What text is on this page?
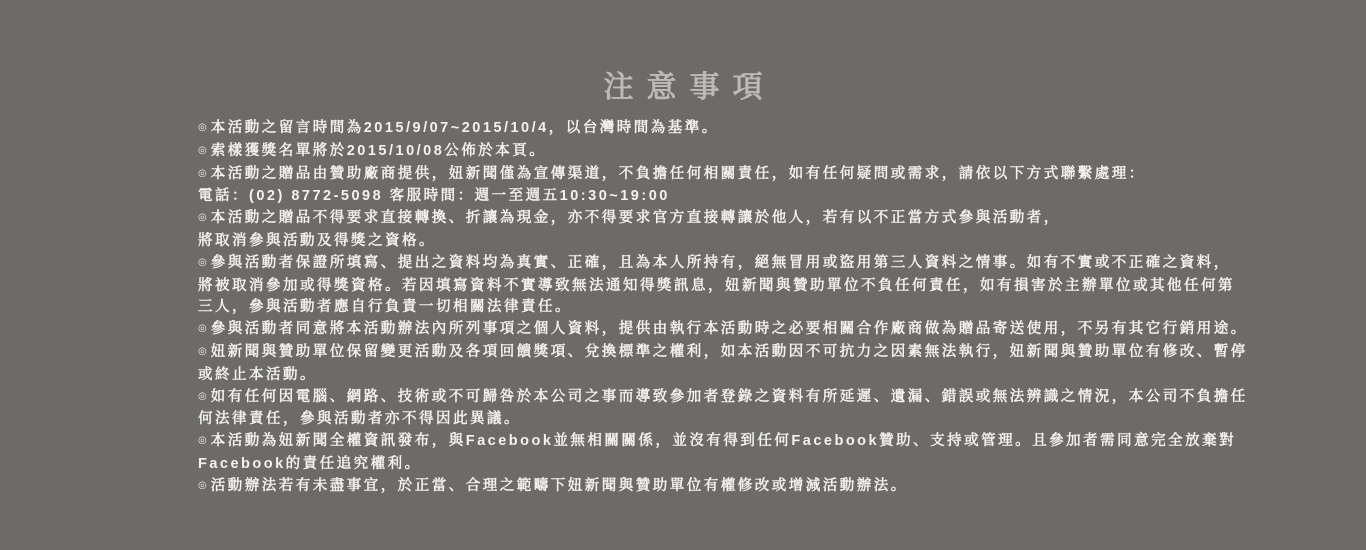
注意事項
◎ 本活動之留言時間為2015/9/07~2015/10/4，以台灣時間為基準。
◎ 索樣獲獎名單將於2015/10/08公佈於本頁。
◎ 本活動之贈品由贊助廠商提供，妞新聞僅為宣傳渠道，不負擔任何相關責任，如有任何疑問或需求，請依以下方式聯繫處理：
電話：(02) 8772-5098 客服時間：週一至週五10:30~19:00
◎ 本活動之贈品不得要求直接轉換、折讓為現金，亦不得要求官方直接轉讓於他人，若有以不正當方式參與活動者，
將取消參與活動及得獎之資格。
◎ 參與活動者保證所填寫、提出之資料均為真實、正確，且為本人所持有，絕無冒用或盜用第三人資料之情事。如有不實或不正確之資料，
將被取消參加或得獎資格。若因填寫資料不實導致無法通知得獎訊息，妞新聞與贊助單位不負任何責任，如有損害於主辦單位或其他任何第
三人，參與活動者應自行負責一切相關法律責任。
◎ 參與活動者同意將本活動辦法內所列事項之個人資料，提供由執行本活動時之必要相關合作廠商做為贈品寄送使用，不另有其它行銷用途。
◎ 妞新聞與贊助單位保留變更活動及各項回饋獎項、兌換標準之權利，如本活動因不可抗力之因素無法執行，妞新聞與贊助單位有修改、暫停
或終止本活動。
◎ 如有任何因電腦、網路、技術或不可歸咎於本公司之事而導致參加者登錄之資料有所延遲、遺漏、錯誤或無法辨識之情況，本公司不負擔任
何法律責任，參與活動者亦不得因此異議。
◎ 本活動為妞新聞全權資訊發布，與Facebook並無相關關係，並沒有得到任何Facebook贊助、支持或管理。且參加者需同意完全放棄對
Facebook的責任追究權利。
◎ 活動辦法若有未盡事宜，於正當、合理之範疇下妞新聞與贊助單位有權修改或增減活動辦法。
